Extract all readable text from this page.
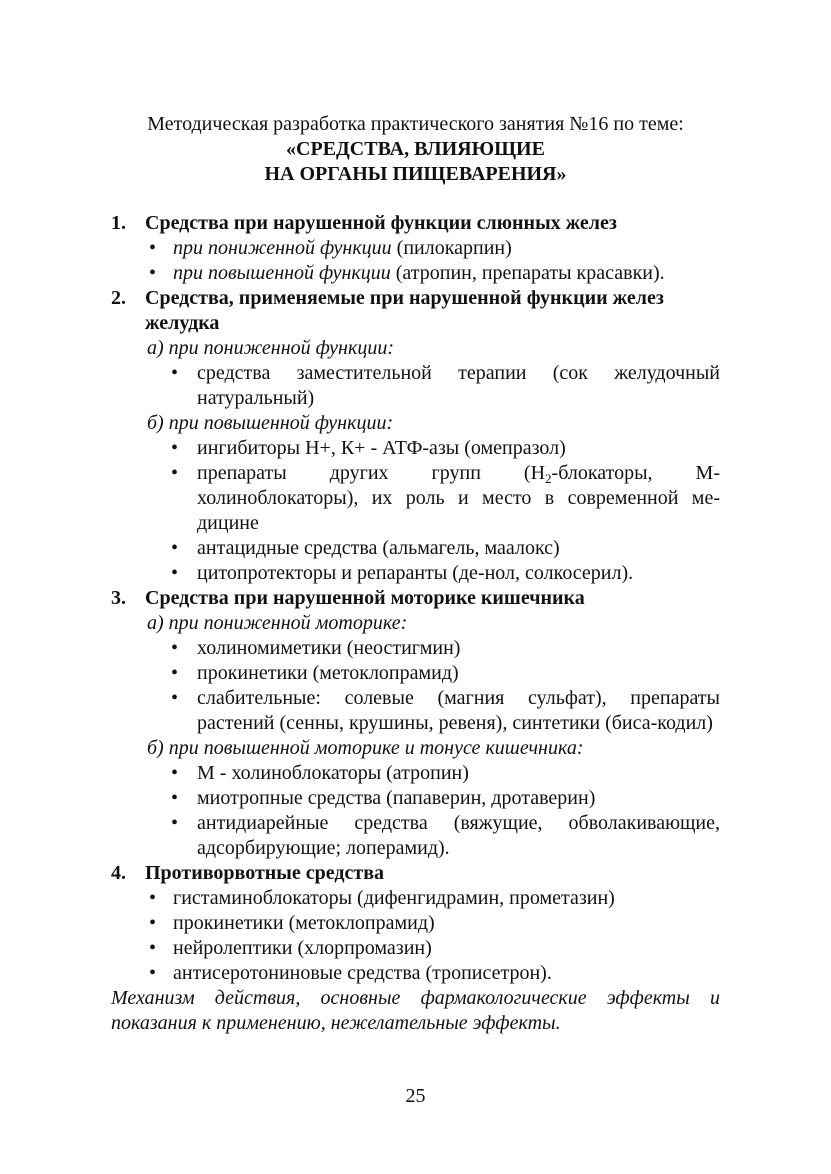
Методическая разработка практического занятия №16 по теме:
«СРЕДСТВА, ВЛИЯЮЩИЕ
НА ОРГАНЫ ПИЩЕВАРЕНИЯ»
1. Средства при нарушенной функции слюнных желез
• при пониженной функции (пилокарпин)
• при повышенной функции (атропин, препараты красавки).
2. Средства, применяемые при нарушенной функции желез желудка
а) при пониженной функции:
• средства заместительной терапии (сок желудочный натуральный)
б) при повышенной функции:
• ингибиторы Н+, К+ - АТФ-азы (омепразол)
• препараты других групп ($Н_2$-блокаторы, М-холиноблокаторы), их роль и место в современной ме-дицине
• антацидные средства (альмагель, маалокс)
• цитопротекторы и репаранты (де-нол, солкосерил).
3. Средства при нарушенной моторике кишечника
а) при пониженной моторике:
• холиномиметики (неостигмин)
• прокинетики (метоклопрамид)
• слабительные: солевые (магния сульфат), препараты растений (сенны, крушины, ревеня), синтетики (биса-кодил)
б) при повышенной моторике и тонусе кишечника:
• М - холиноблокаторы (атропин)
• миотропные средства (папаверин, дротаверин)
• антидиарейные средства (вяжущие, обволакивающие, адсорбирующие; лоперамид).
4. Противорвотные средства
• гистаминоблокаторы (дифенгидрамин, прометазин)
• прокинетики (метоклопрамид)
• нейролептики (хлорпромазин)
• антисеротониновые средства (трописетрон).
Механизм действия, основные фармакологические эффекты и показания к применению, нежелательные эффекты.
25
